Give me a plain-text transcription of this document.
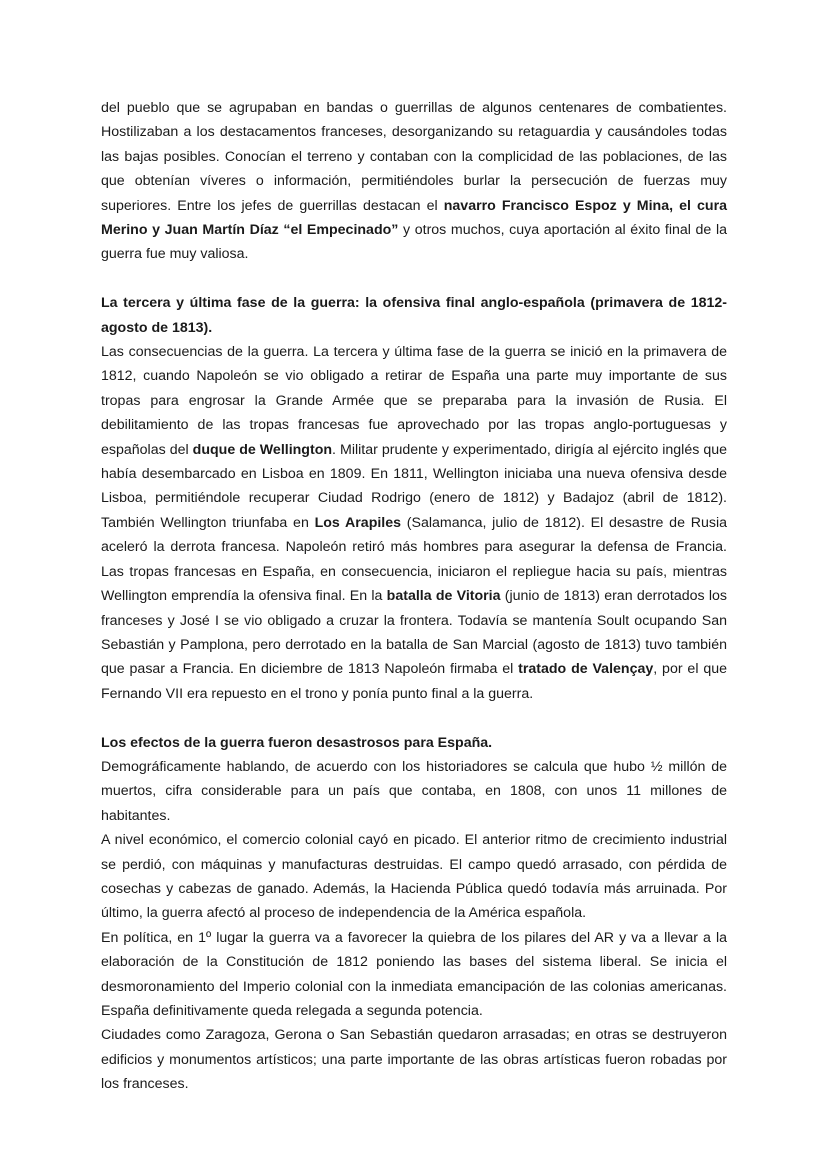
del pueblo que se agrupaban en bandas o guerrillas de algunos centenares de combatientes. Hostilizaban a los destacamentos franceses, desorganizando su retaguardia y causándoles todas las bajas posibles. Conocían el terreno y contaban con la complicidad de las poblaciones, de las que obtenían víveres o información, permitiéndoles burlar la persecución de fuerzas muy superiores. Entre los jefes de guerrillas destacan el navarro Francisco Espoz y Mina, el cura Merino y Juan Martín Díaz “el Empecinado” y otros muchos, cuya aportación al éxito final de la guerra fue muy valiosa.

La tercera y última fase de la guerra: la ofensiva final anglo-española (primavera de 1812-agosto de 1813).

Las consecuencias de la guerra. La tercera y última fase de la guerra se inició en la primavera de 1812, cuando Napoleón se vio obligado a retirar de España una parte muy importante de sus tropas para engrosar la Grande Armée que se preparaba para la invasión de Rusia. El debilitamiento de las tropas francesas fue aprovechado por las tropas anglo-portuguesas y españolas del duque de Wellington. Militar prudente y experimentado, dirigía al ejército inglés que había desembarcado en Lisboa en 1809. En 1811, Wellington iniciaba una nueva ofensiva desde Lisboa, permitiéndole recuperar Ciudad Rodrigo (enero de 1812) y Badajoz (abril de 1812). También Wellington triunfaba en Los Arapiles (Salamanca, julio de 1812). El desastre de Rusia aceleró la derrota francesa. Napoleón retiró más hombres para asegurar la defensa de Francia. Las tropas francesas en España, en consecuencia, iniciaron el repliegue hacia su país, mientras Wellington emprendía la ofensiva final. En la batalla de Vitoria (junio de 1813) eran derrotados los franceses y José I se vio obligado a cruzar la frontera. Todavía se mantenía Soult ocupando San Sebastián y Pamplona, pero derrotado en la batalla de San Marcial (agosto de 1813) tuvo también que pasar a Francia. En diciembre de 1813 Napoleón firmaba el tratado de Valençay, por el que Fernando VII era repuesto en el trono y ponía punto final a la guerra.

Los efectos de la guerra fueron desastrosos para España.

Demográficamente hablando, de acuerdo con los historiadores se calcula que hubo ½ millón de muertos, cifra considerable para un país que contaba, en 1808, con unos 11 millones de habitantes.

A nivel económico, el comercio colonial cayó en picado. El anterior ritmo de crecimiento industrial se perdió, con máquinas y manufacturas destruidas. El campo quedó arrasado, con pérdida de cosechas y cabezas de ganado. Además, la Hacienda Pública quedó todavía más arruinada. Por último, la guerra afectó al proceso de independencia de la América española.

En política, en 1º lugar la guerra va a favorecer la quiebra de los pilares del AR y va a llevar a la elaboración de la Constitución de 1812 poniendo las bases del sistema liberal. Se inicia el desmoronamiento del Imperio colonial con la inmediata emancipación de las colonias americanas. España definitivamente queda relegada a segunda potencia.

Ciudades como Zaragoza, Gerona o San Sebastián quedaron arrasadas; en otras se destruyeron edificios y monumentos artísticos; una parte importante de las obras artísticas fueron robadas por los franceses.
